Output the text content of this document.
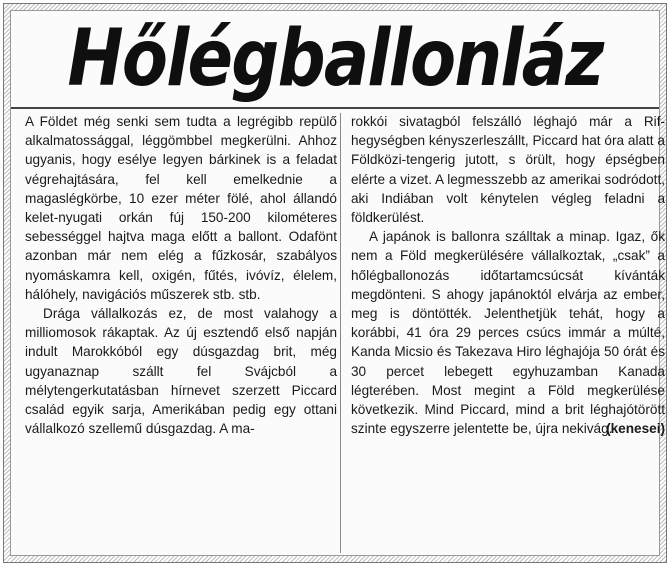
Hőlégballonláz

A Földet még senki sem tudta a legrégibb repülő alkalmatossággal, léggömbbel megkerülni. Ahhoz ugyanis, hogy esélye legyen bárkinek is a feladat végrehajtására, fel kell emelkednie a magaslégkörbe, 10 ezer méter fölé, ahol állandó kelet-nyugati orkán fúj 150-200 kilométeres sebességgel hajtva maga előtt a ballont. Odafönt azonban már nem elég a fűzkosár, szabályos nyomáskamra kell, oxigén, fűtés, ivóvíz, élelem, hálóhely, navigációs műszerek stb. stb.

Drága vállalkozás ez, de most valahogy a milliomosok rákaptak. Az új esztendő első napján indult Marokkóból egy dúsgazdag brit, még ugyanaznap szállt fel Svájcból a mélytengerkutatásban hírnevet szerzett Piccard család egyik sarja, Amerikában pedig egy ottani vállalkozó szellemű dúsgazdag. A ma-

rokkói sivatagból felszálló léghajó már a Rif-hegységben kényszerleszállt, Piccard hat óra alatt a Földközi-tengerig jutott, s örült, hogy épségben elérte a vizet. A legmesszebb az amerikai sodródott, aki Indiában volt kénytelen végleg feladni a földkerülést.

A japánok is ballonra szálltak a minap. Igaz, ők nem a Föld megkerülésére vállalkoztak, „csak” a hőlégballonozás időtartamcsúcsát kívánták megdönteni. S ahogy japánoktól elvárja az ember, meg is döntötték. Jelenthetjük tehát, hogy a korábbi, 41 óra 29 perces csúcs immár a múlté, Kanda Micsio és Takezava Hiro léghajója 50 órát és 30 percet lebegett egyhuzamban Kanada légterében. Most megint a Föld megkerülése következik. Mind Piccard, mind a brit léghajótörött szinte egyszerre jelentette be, újra nekivág.

(kenesei)
